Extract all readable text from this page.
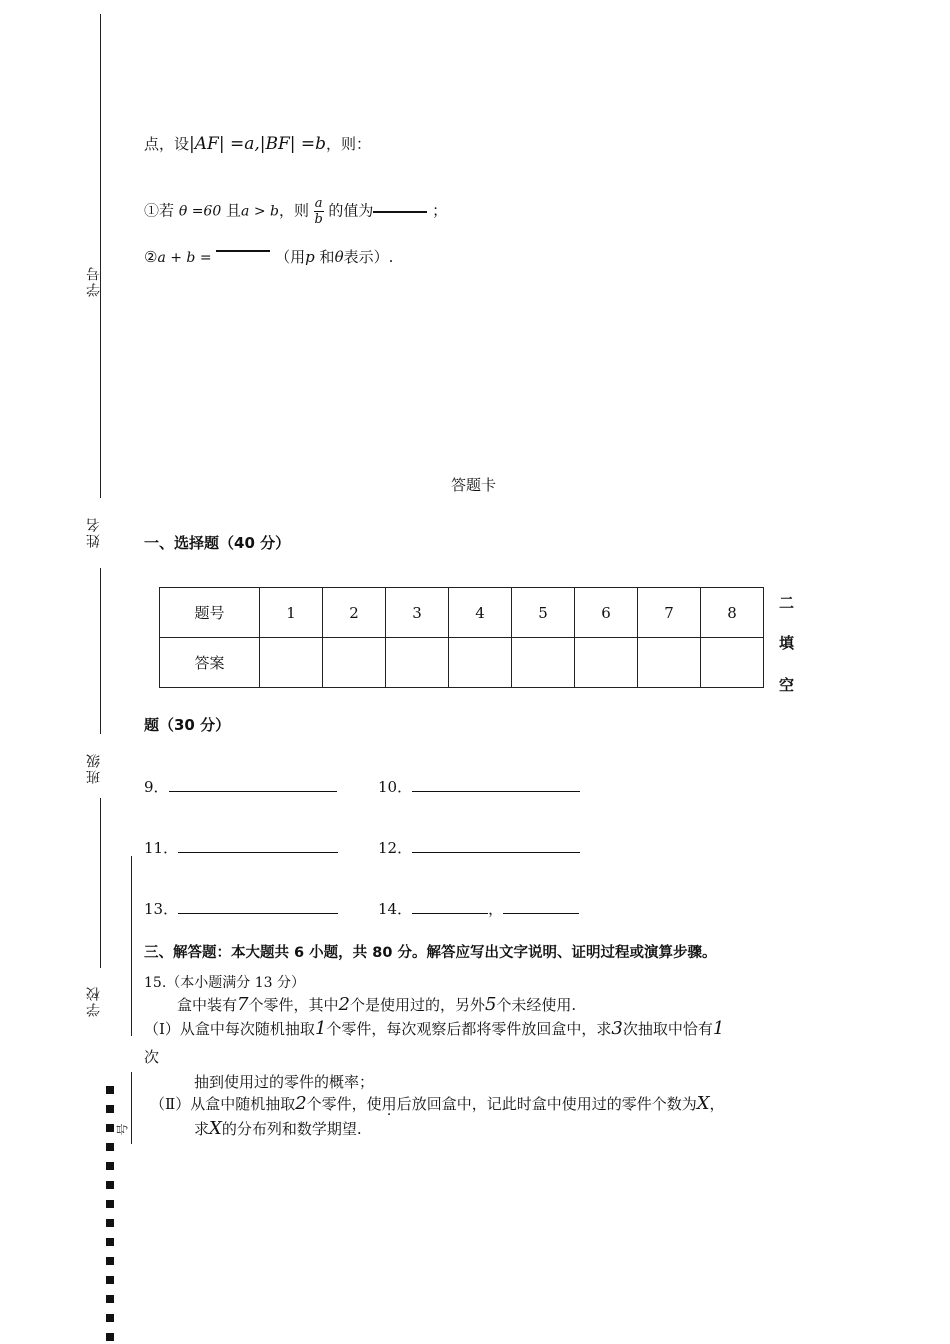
学号
姓名
班级
学校
号
点，设|AF| =a,|BF| =b，则：
①若 θ =60 且a > b，则 $\frac{a}{b}$ 的值为	；
②a + b =	（用p 和θ表示）.
答题卡
一、选择题（40 分）
题号	1	2	3	4	5	6	7	8
答案								
二
填
空
题（30 分）
9．	10．
11．	12．
13．	14．	，
三、解答题：本大题共 6 小题，共 80 分。解答应写出文字说明、证明过程或演算步骤。
15.（本小题满分 13 分）
盒中装有7个零件，其中2个是使用过的，另外5个未经使用.
（Ⅰ）从盒中每次随机抽取1个零件，每次观察后都将零件放回盒中，求3次抽取中恰有1
次
抽到使用过的零件的概率；
（Ⅱ）从盒中随机抽取2个零件，使用后放回盒中，记此时盒中使用过的零件个数为X，
求X的分布列和数学期望.
